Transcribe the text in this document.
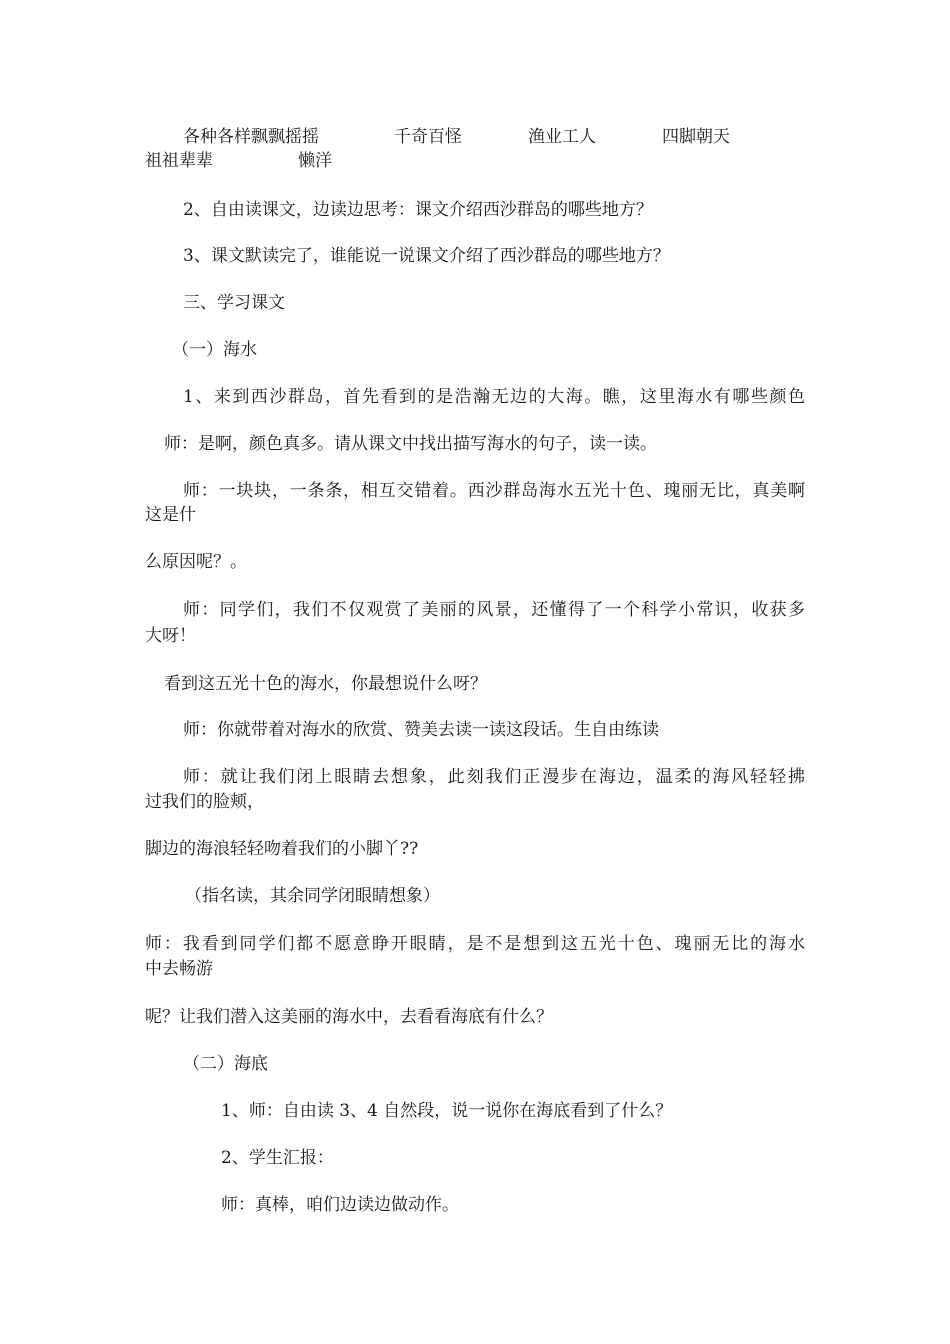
各种各样飘飘摇摇	千奇百怪	渔业工人	四脚朝天
祖祖辈辈	懒洋
2、自由读课文，边读边思考：课文介绍西沙群岛的哪些地方？
3、课文默读完了，谁能说一说课文介绍了西沙群岛的哪些地方？
三、学习课文
（一）海水
1、来到西沙群岛，首先看到的是浩瀚无边的大海。瞧，这里海水有哪些颜色
师：是啊，颜色真多。请从课文中找出描写海水的句子，读一读。
师：一块块，一条条，相互交错着。西沙群岛海水五光十色、瑰丽无比，真美啊
这是什
么原因呢？。
师：同学们，我们不仅观赏了美丽的风景，还懂得了一个科学小常识，收获多
大呀！
看到这五光十色的海水，你最想说什么呀？
师：你就带着对海水的欣赏、赞美去读一读这段话。生自由练读
师：就让我们闭上眼睛去想象，此刻我们正漫步在海边，温柔的海风轻轻拂
过我们的脸颊，
脚边的海浪轻轻吻着我们的小脚丫??
（指名读，其余同学闭眼睛想象）
师：我看到同学们都不愿意睁开眼睛，是不是想到这五光十色、瑰丽无比的海水
中去畅游
呢？让我们潜入这美丽的海水中，去看看海底有什么？
（二）海底
1、师：自由读 3、4 自然段，说一说你在海底看到了什么？
2、学生汇报：
师：真棒，咱们边读边做动作。
